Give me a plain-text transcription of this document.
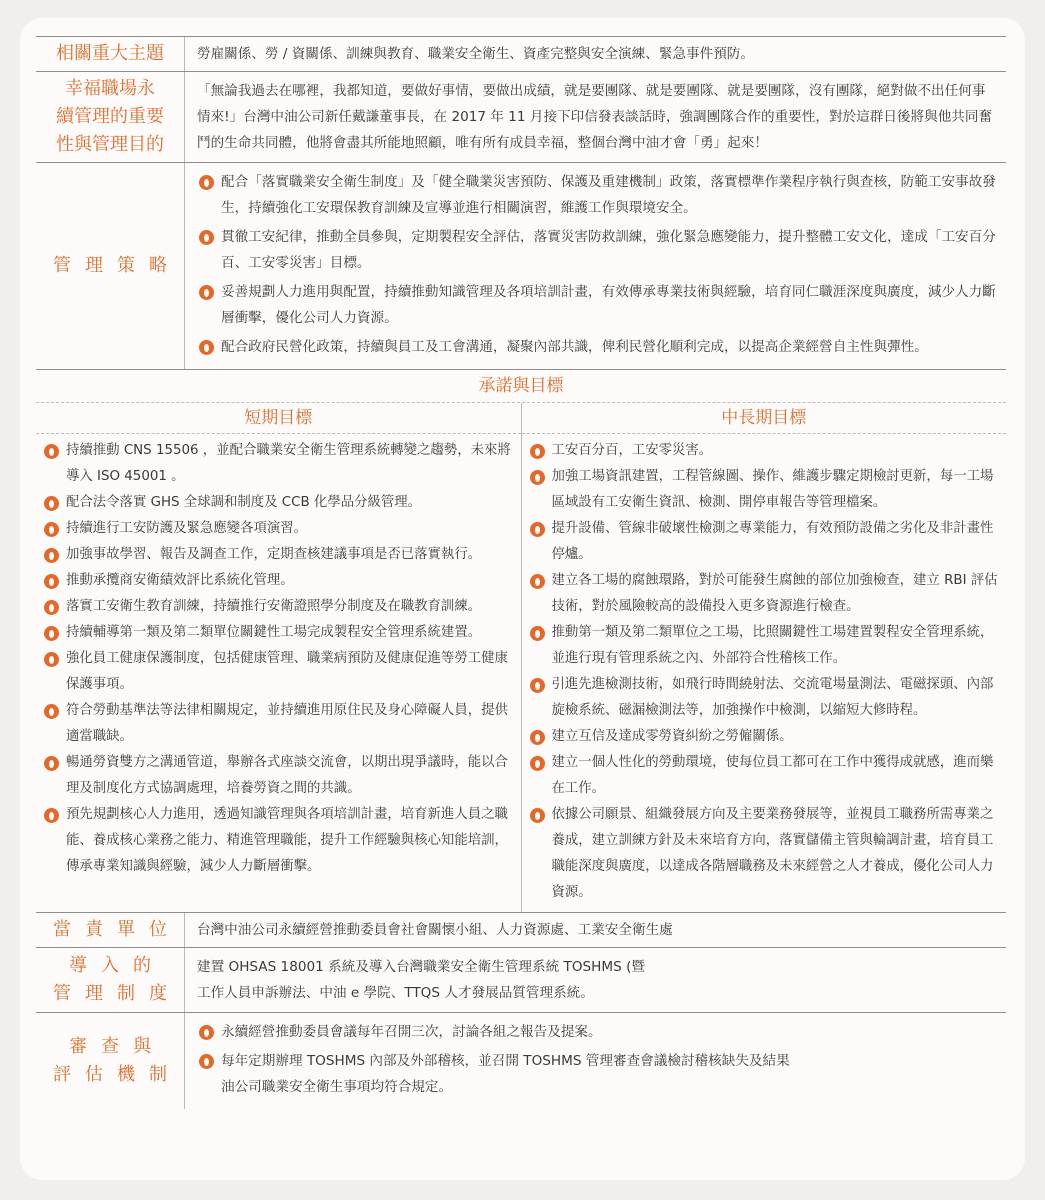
相關重大主題	勞雇關係、勞 / 資關係、訓練與教育、職業安全衛生、資產完整與安全演練、緊急事件預防。
幸福職場永
續管理的重要
性與管理目的
「無論我過去在哪裡，我都知道，要做好事情，要做出成績，就是要團隊、就是要團隊、就是要團隊，沒有團隊，絕對做不出任何事情來!」台灣中油公司新任戴謙董事長，在 2017 年 11 月接下印信發表談話時，強調團隊合作的重要性，對於這群日後將與他共同奮鬥的生命共同體，他將會盡其所能地照顧，唯有所有成員幸福，整個台灣中油才會「勇」起來！
管理策略
配合「落實職業安全衛生制度」及「健全職業災害預防、保護及重建機制」政策，落實標準作業程序執行與查核，防範工安事故發生，持續強化工安環保教育訓練及宣導並進行相關演習，維護工作與環境安全。
貫徹工安紀律，推動全員參與，定期製程安全評估，落實災害防救訓練，強化緊急應變能力，提升整體工安文化，達成「工安百分百、工安零災害」目標。
妥善規劃人力進用與配置，持續推動知識管理及各項培訓計畫，有效傳承專業技術與經驗，培育同仁職涯深度與廣度，減少人力斷層衝擊，優化公司人力資源。
配合政府民營化政策，持續與員工及工會溝通，凝聚內部共識，俾利民營化順利完成，以提高企業經營自主性與彈性。
承諾與目標
短期目標
持續推動 CNS 15506 ，並配合職業安全衛生管理系統轉變之趨勢，未來將導入 ISO 45001 。
配合法令落實 GHS 全球調和制度及 CCB 化學品分級管理。
持續進行工安防護及緊急應變各項演習。
加強事故學習、報告及調查工作，定期查核建議事項是否已落實執行。
推動承攬商安衛績效評比系統化管理。
落實工安衛生教育訓練，持續推行安衛證照學分制度及在職教育訓練。
持續輔導第一類及第二類單位關鍵性工場完成製程安全管理系統建置。
強化員工健康保護制度，包括健康管理、職業病預防及健康促進等勞工健康保護事項。
符合勞動基準法等法律相關規定，並持續進用原住民及身心障礙人員，提供適當職缺。
暢通勞資雙方之溝通管道，舉辦各式座談交流會，以期出現爭議時，能以合理及制度化方式協調處理，培養勞資之間的共識。
預先規劃核心人力進用，透過知識管理與各項培訓計畫，培育新進人員之職能、養成核心業務之能力、精進管理職能，提升工作經驗與核心知能培訓，傳承專業知識與經驗，減少人力斷層衝擊。
中長期目標
工安百分百，工安零災害。
加強工場資訊建置，工程管線圖、操作、維護步驟定期檢討更新，每一工場區域設有工安衛生資訊、檢測、開停車報告等管理檔案。
提升設備、管線非破壞性檢測之專業能力，有效預防設備之劣化及非計畫性停爐。
建立各工場的腐蝕環路，對於可能發生腐蝕的部位加強檢查，建立 RBI 評估技術，對於風險較高的設備投入更多資源進行檢查。
推動第一類及第二類單位之工場，比照關鍵性工場建置製程安全管理系統，並進行現有管理系統之內、外部符合性稽核工作。
引進先進檢測技術，如飛行時間繞射法、交流電場量測法、電磁探頭、內部旋檢系統、磁漏檢測法等，加強操作中檢測，以縮短大修時程。
建立互信及達成零勞資糾紛之勞僱關係。
建立一個人性化的勞動環境，使每位員工都可在工作中獲得成就感，進而樂在工作。
依據公司願景、組織發展方向及主要業務發展等，並視員工職務所需專業之養成，建立訓練方針及未來培育方向，落實儲備主管與輪調計畫，培育員工職能深度與廣度，以達成各階層職務及未來經營之人才養成，優化公司人力資源。
當責單位	台灣中油公司永續經營推動委員會社會關懷小組、人力資源處、工業安全衛生處
導入的
管理制度
建置 OHSAS 18001 系統及導入台灣職業安全衛生管理系統 TOSHMS (暨
工作人員申訴辦法、中油 e 學院、TTQS 人才發展品質管理系統。
審查與
評估機制
永續經營推動委員會議每年召開三次，討論各組之報告及提案。
每年定期辦理 TOSHMS 內部及外部稽核，並召開 TOSHMS 管理審查會議檢討稽核缺失及結果
油公司職業安全衛生事項均符合規定。
